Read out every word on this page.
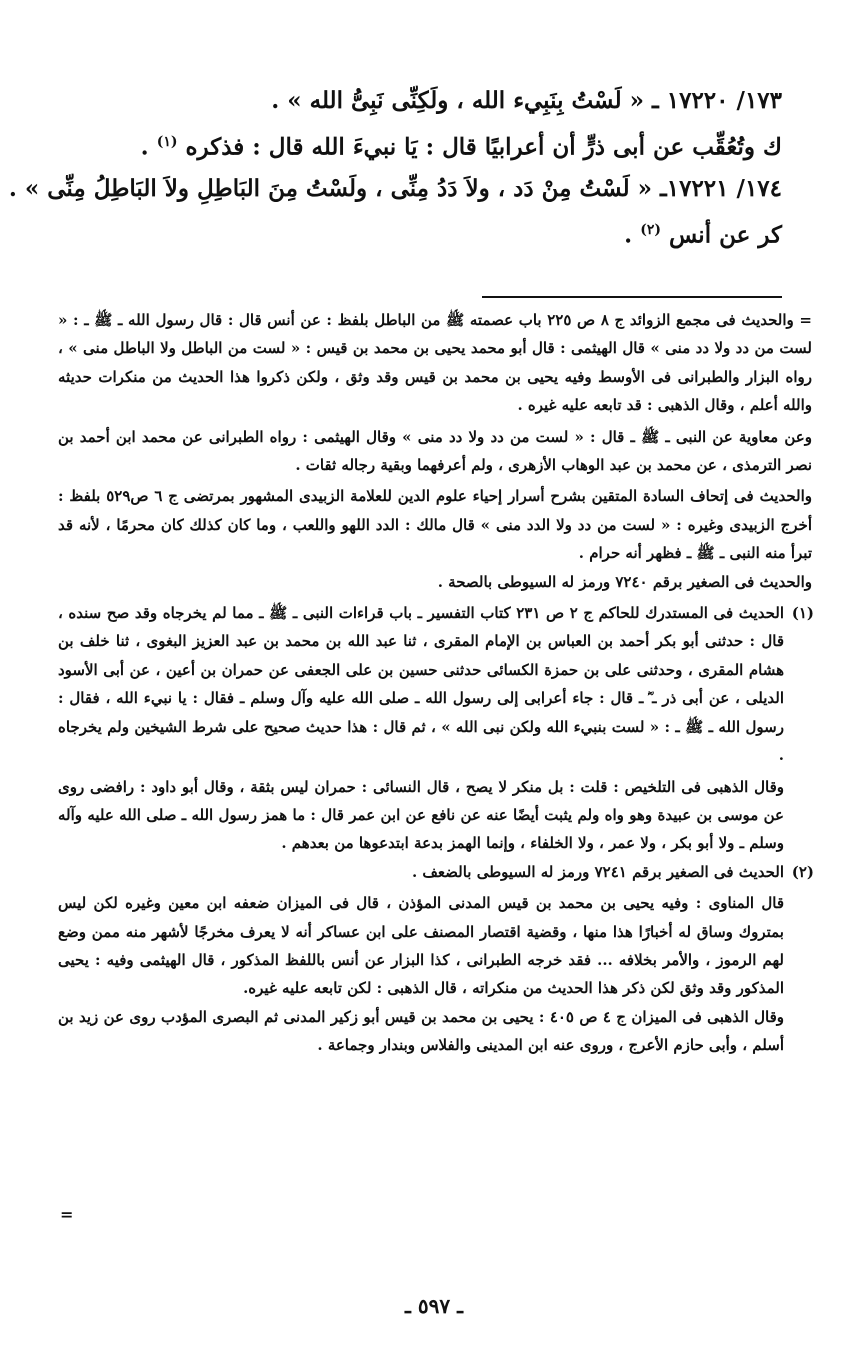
١٧٣/ ١٧٢٢٠ ـ « لَسْتُ بِنَبِيء الله ، ولَكِنِّى نَبِىُّ الله » .
ك وتُعُقِّب عن أبى ذرٍّ أن أعرابيًا قال : يَا نبيءَ الله قال : فذكره $^{(١)}$ .
١٧٤/ ١٧٢٢١ـ « لَسْتُ مِنْ دَد ، ولاَ دَدُ مِنِّى ، ولَسْتُ مِنَ البَاطِلِ ولاَ البَاطِلُ مِنِّى » .
كر عن أنس $^{(٢)}$ .

= والحديث فى مجمع الزوائد ج ٨ ص ٢٢٥ باب عصمته ﷺ من الباطل بلفظ : عن أنس قال : قال رسول الله ـ ﷺ ـ : « لست من دد ولا دد منى » قال الهيثمى : قال أبو محمد يحيى بن محمد بن قيس : « لست من الباطل ولا الباطل منى » ، رواه البزار والطبرانى فى الأوسط وفيه يحيى بن محمد بن قيس وقد وثق ، ولكن ذكروا هذا الحديث من منكرات حديثه والله أعلم ، وقال الذهبى : قد تابعه عليه غيره .

وعن معاوية عن النبى ـ ﷺ ـ قال : « لست من دد ولا دد منى » وقال الهيثمى : رواه الطبرانى عن محمد ابن أحمد بن نصر الترمذى ، عن محمد بن عبد الوهاب الأزهرى ، ولم أعرفهما وبقية رجاله ثقات .

والحديث فى إتحاف السادة المتقين بشرح أسرار إحياء علوم الدين للعلامة الزبيدى المشهور بمرتضى ج ٦ ص٥٢٩ بلفظ : أخرج الزبيدى وغيره : « لست من دد ولا الدد منى » قال مالك : الدد اللهو واللعب ، وما كان كذلك كان محرمًا ، لأنه قد تبرأ منه النبى ـ ﷺ ـ فظهر أنه حرام .

والحديث فى الصغير برقم ٧٢٤٠ ورمز له السيوطى بالصحة .

(١)
الحديث فى المستدرك للحاكم ج ٢ ص ٢٣١ كتاب التفسير ـ باب قراءات النبى ـ ﷺ ـ مما لم يخرجاه وقد صح سنده ، قال : حدثنى أبو بكر أحمد بن العباس بن الإمام المقرى ، ثنا عبد الله بن محمد بن عبد العزيز البغوى ، ثنا خلف بن هشام المقرى ، وحدثنى على بن حمزة الكسائى حدثنى حسين بن على الجعفى عن حمران بن أعين ، عن أبى الأسود الديلى ، عن أبى ذر ـ ؓ ـ قال : جاء أعرابى إلى رسول الله ـ صلى الله عليه وآل وسلم ـ فقال : يا نبيء الله ، فقال : رسول الله ـ ﷺ ـ : « لست بنبيء الله ولكن نبى الله » ، ثم قال : هذا حديث صحيح على شرط الشيخين ولم يخرجاه .

وقال الذهبى فى التلخيص : قلت : بل منكر لا يصح ، قال النسائى : حمران ليس بثقة ، وقال أبو داود : رافضى روى عن موسى بن عبيدة وهو واه ولم يثبت أيضًا عنه عن نافع عن ابن عمر قال : ما همز رسول الله ـ صلى الله عليه وآله وسلم ـ ولا أبو بكر ، ولا عمر ، ولا الخلفاء ، وإنما الهمز بدعة ابتدعوها من بعدهم .

(٢)
الحديث فى الصغير برقم ٧٢٤١ ورمز له السيوطى بالضعف .

قال المناوى : وفيه يحيى بن محمد بن قيس المدنى المؤذن ، قال فى الميزان ضعفه ابن معين وغيره لكن ليس بمتروك وساق له أخبارًا هذا منها ، وقضية اقتصار المصنف على ابن عساكر أنه لا يعرف مخرجًا لأشهر منه ممن وضع لهم الرموز ، والأمر بخلافه ... فقد خرجه الطبرانى ، كذا البزار عن أنس باللفظ المذكور ، قال الهيثمى وفيه : يحيى المذكور وقد وثق لكن ذكر هذا الحديث من منكراته ، قال الذهبى : لكن تابعه عليه غيره.

وقال الذهبى فى الميزان ج ٤ ص ٤٠٥ : يحيى بن محمد بن قيس أبو زكير المدنى ثم البصرى المؤدب روى عن زيد بن أسلم ، وأبى حازم الأعرج ، وروى عنه ابن المدينى والفلاس وبندار وجماعة .

=
ـ ٥٩٧ ـ
